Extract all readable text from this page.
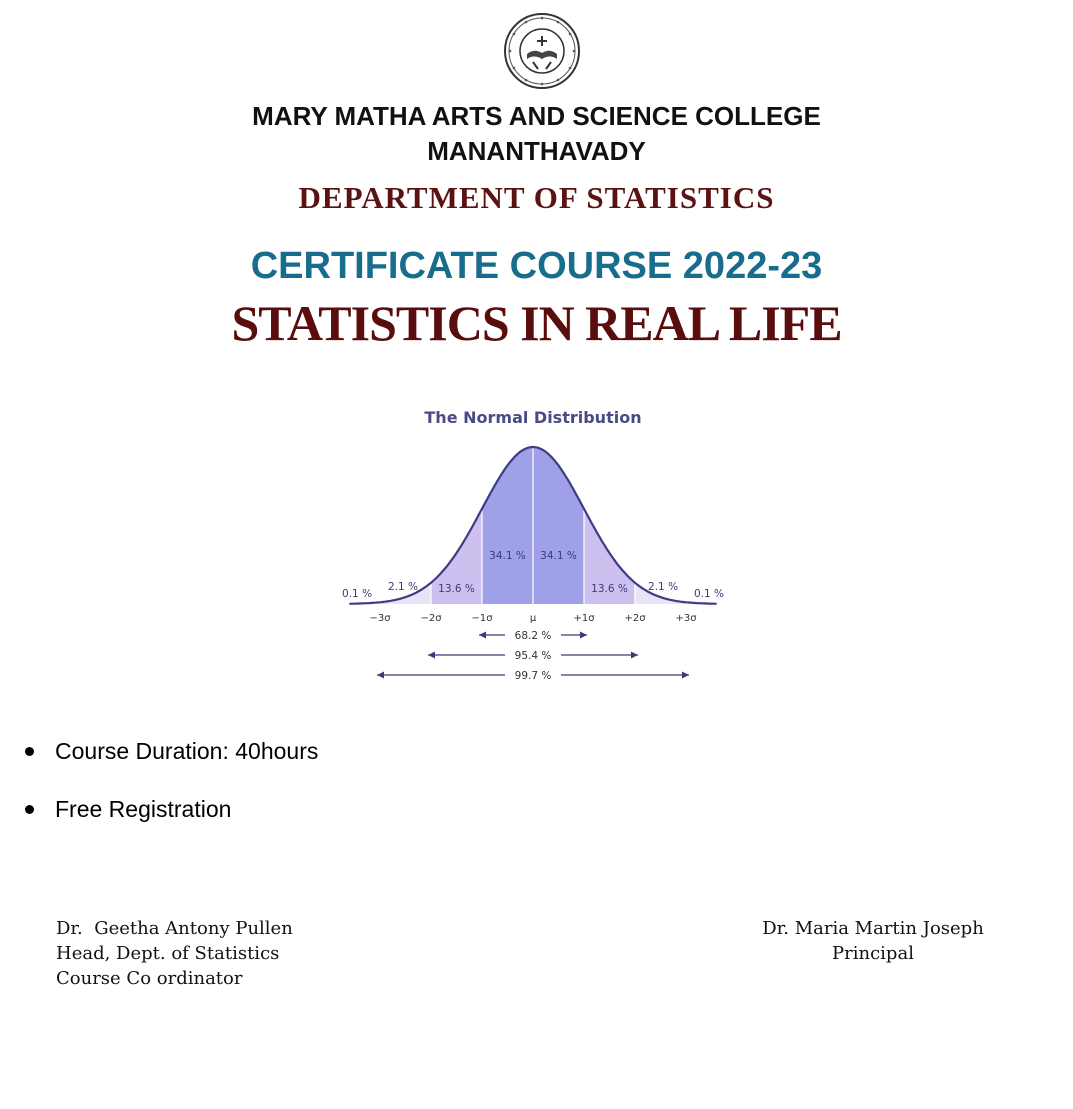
MARY MATHA ARTS AND SCIENCE COLLEGE
MANANTHAVADY
DEPARTMENT OF STATISTICS
CERTIFICATE COURSE 2022-23
STATISTICS IN REAL LIFE
The Normal Distribution
2.1 % 13.6 %
34.1 % 34.1 %
13.6 % 2.1 %
0.1 %	0.1 %
−3σ	−2σ	−1σ	μ	+1σ	+2σ	+3σ
68.2 %
95.4 %
99.7 %
Course Duration: 40hours
Free Registration
Dr.  Geetha Antony Pullen
Head, Dept. of Statistics
Course Co ordinator
Dr. Maria Martin Joseph
Principal
